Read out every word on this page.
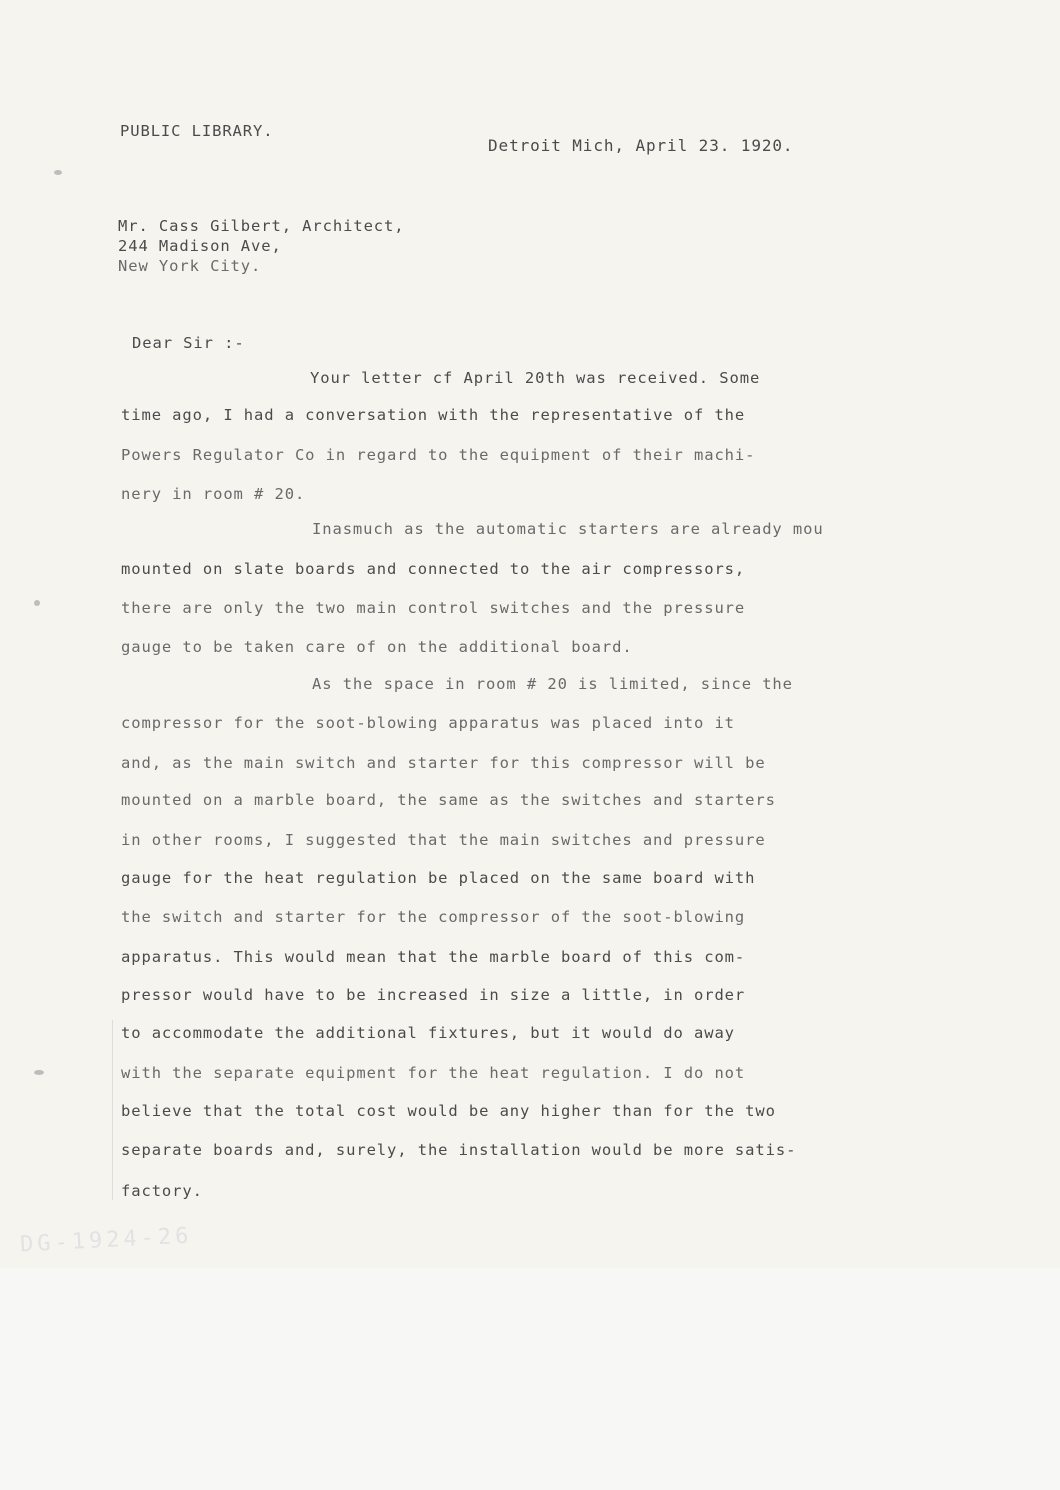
PUBLIC LIBRARY.
Detroit Mich, April 23. 1920.
Mr. Cass Gilbert, Architect,
244 Madison Ave,
New York City.
Dear Sir :-
Your letter cf April 20th was received. Some
time ago, I had a conversation with the representative of the
Powers Regulator Co in regard to the equipment of their machi-
nery in room # 20.
Inasmuch as the automatic starters are already mou
mounted on slate boards and connected to the air compressors,
there are only the two main control switches and the pressure
gauge to be taken care of on the additional board.
As the space in room # 20 is limited, since the
compressor for the soot-blowing apparatus was placed into it
and, as the main switch and starter for this compressor will be
mounted on a marble board, the same as the switches and starters
in other rooms, I suggested that the main switches and pressure
gauge for the heat regulation be placed on the same board with
the switch and starter for the compressor of the soot-blowing
apparatus. This would mean that the marble board of this com-
pressor would have to be increased in size a little, in order
to accommodate the additional fixtures, but it would do away
with the separate equipment for the heat regulation. I do not
believe that the total cost would be any higher than for the two
separate boards and, surely, the installation would be more satis-
factory.
DG-1924-26
